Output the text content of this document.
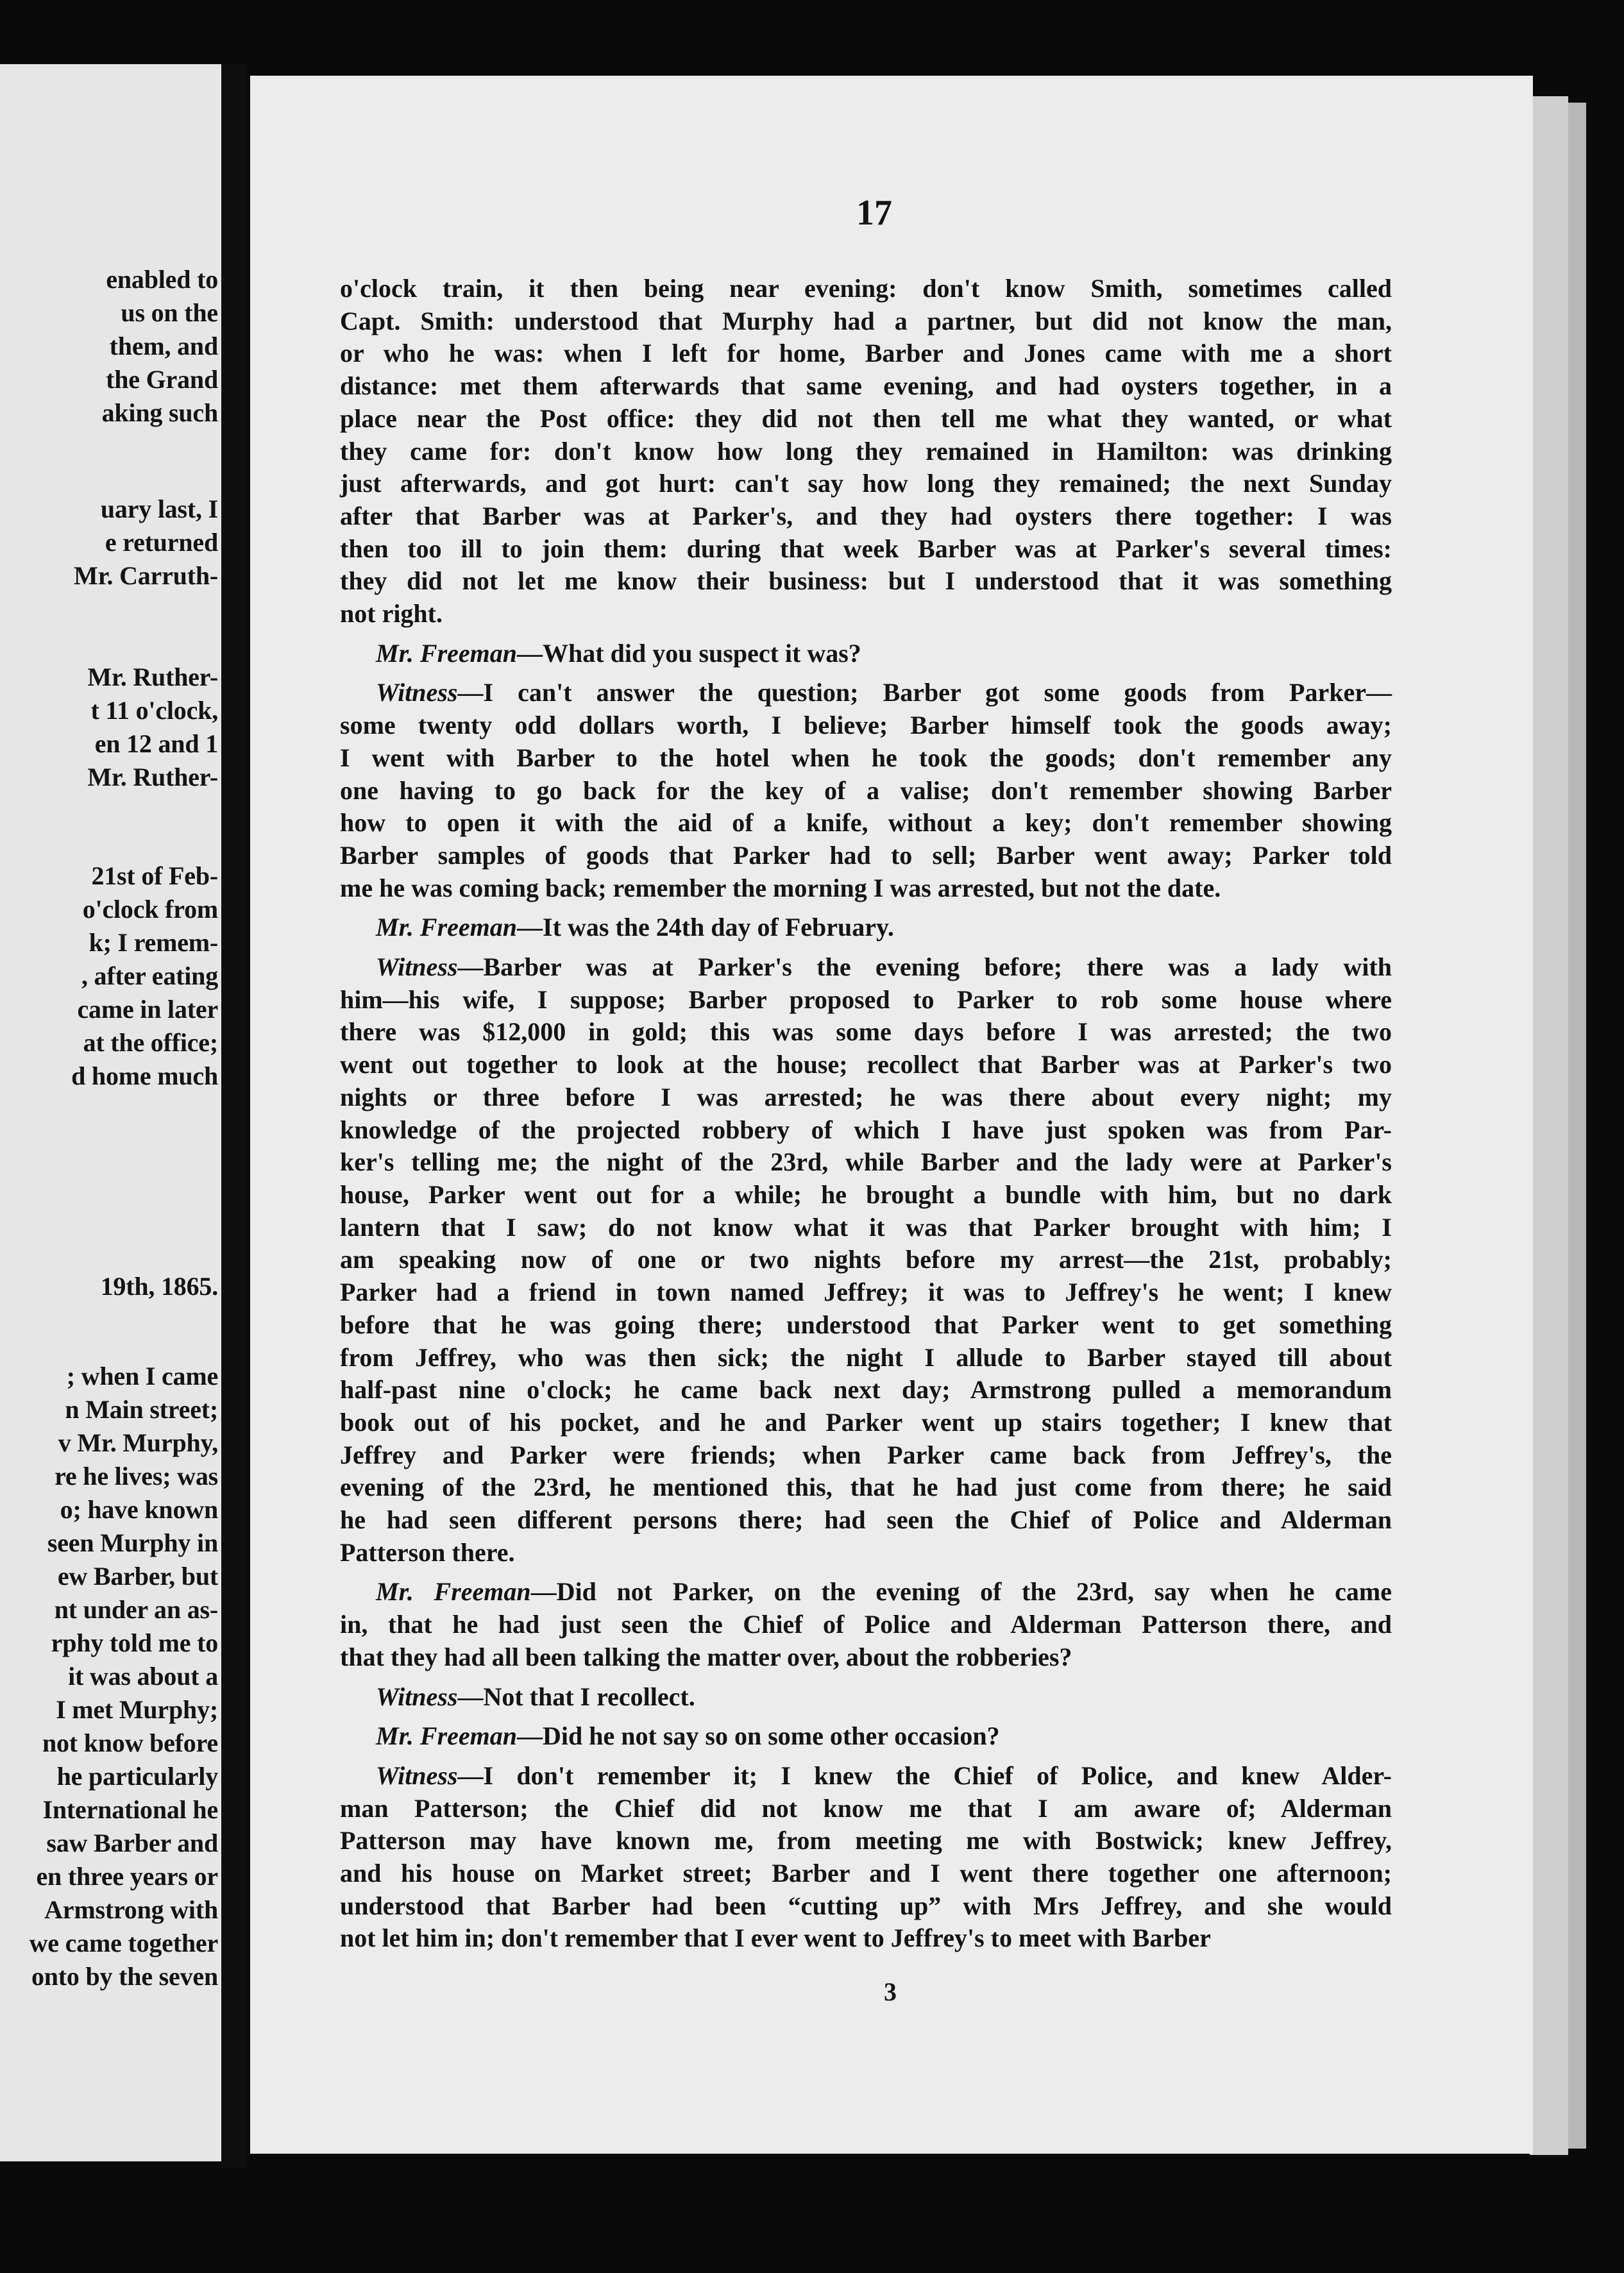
enabled to
us on the
them, and
the Grand
aking such
uary last, I
e returned
Mr. Carruth-
Mr. Ruther-
t 11 o'clock,
en 12 and 1
Mr. Ruther-
21st of Feb-
o'clock from
k; I remem-
, after eating
came in later
at the office;
d home much
19th, 1865.
; when I came
n Main street;
v Mr. Murphy,
re he lives; was
o; have known
seen Murphy in
ew Barber, but
nt under an as-
rphy told me to
it was about a
I met Murphy;
not know before
he particularly
International he
saw Barber and
en three years or
Armstrong with
we came together
onto by the seven
17
o'clock train, it then being near evening: don't know Smith, sometimes called
Capt. Smith: understood that Murphy had a partner, but did not know the man,
or who he was: when I left for home, Barber and Jones came with me a short
distance: met them afterwards that same evening, and had oysters together, in a
place near the Post office: they did not then tell me what they wanted, or what
they came for: don't know how long they remained in Hamilton: was drinking
just afterwards, and got hurt: can't say how long they remained; the next Sunday
after that Barber was at Parker's, and they had oysters there together: I was
then too ill to join them: during that week Barber was at Parker's several times:
they did not let me know their business: but I understood that it was something
not right.
Mr. Freeman—What did you suspect it was?
Witness—I can't answer the question; Barber got some goods from Parker—
some twenty odd dollars worth, I believe; Barber himself took the goods away;
I went with Barber to the hotel when he took the goods; don't remember any
one having to go back for the key of a valise; don't remember showing Barber
how to open it with the aid of a knife, without a key; don't remember showing
Barber samples of goods that Parker had to sell; Barber went away; Parker told
me he was coming back; remember the morning I was arrested, but not the date.
Mr. Freeman—It was the 24th day of February.
Witness—Barber was at Parker's the evening before; there was a lady with
him—his wife, I suppose; Barber proposed to Parker to rob some house where
there was $12,000 in gold; this was some days before I was arrested; the two
went out together to look at the house; recollect that Barber was at Parker's two
nights or three before I was arrested; he was there about every night; my
knowledge of the projected robbery of which I have just spoken was from Par-
ker's telling me; the night of the 23rd, while Barber and the lady were at Parker's
house, Parker went out for a while; he brought a bundle with him, but no dark
lantern that I saw; do not know what it was that Parker brought with him; I
am speaking now of one or two nights before my arrest—the 21st, probably;
Parker had a friend in town named Jeffrey; it was to Jeffrey's he went; I knew
before that he was going there; understood that Parker went to get something
from Jeffrey, who was then sick; the night I allude to Barber stayed till about
half-past nine o'clock; he came back next day; Armstrong pulled a memorandum
book out of his pocket, and he and Parker went up stairs together; I knew that
Jeffrey and Parker were friends; when Parker came back from Jeffrey's, the
evening of the 23rd, he mentioned this, that he had just come from there; he said
he had seen different persons there; had seen the Chief of Police and Alderman
Patterson there.
Mr. Freeman—Did not Parker, on the evening of the 23rd, say when he came
in, that he had just seen the Chief of Police and Alderman Patterson there, and
that they had all been talking the matter over, about the robberies?
Witness—Not that I recollect.
Mr. Freeman—Did he not say so on some other occasion?
Witness—I don't remember it; I knew the Chief of Police, and knew Alder-
man Patterson; the Chief did not know me that I am aware of; Alderman
Patterson may have known me, from meeting me with Bostwick; knew Jeffrey,
and his house on Market street; Barber and I went there together one afternoon;
understood that Barber had been “cutting up” with Mrs Jeffrey, and she would
not let him in; don't remember that I ever went to Jeffrey's to meet with Barber
3
